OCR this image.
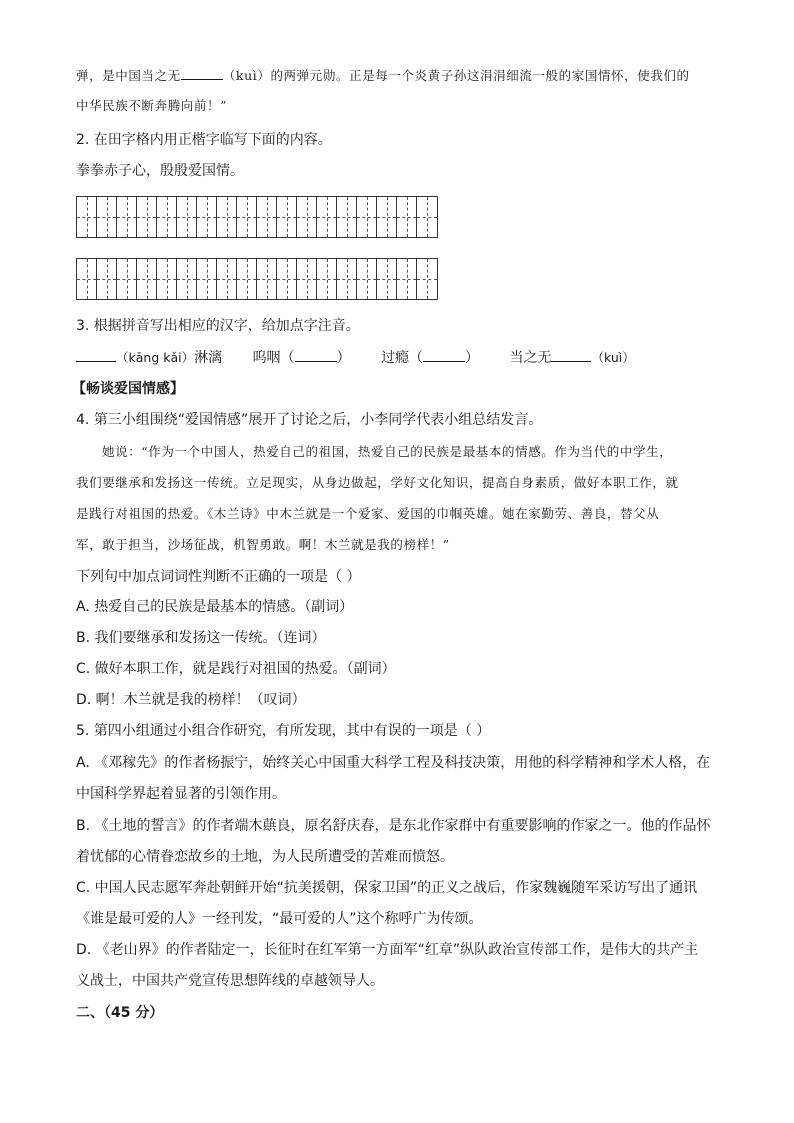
弹，是中国当之无	（kuì）的两弹元勋。正是每一个炎黄子孙这涓涓细流一般的家国情怀，使我们的
中华民族不断奔腾向前！”
2. 在田字格内用正楷字临写下面的内容。
拳拳赤子心，殷殷爱国情。
3. 根据拼音写出相应的汉字，给加点字注音。
（kāng kǎi）淋漓 呜咽（	） 过瘾（	） 当之无	（kuì）
【畅谈爱国情感】
4. 第三小组围绕“爱国情感”展开了讨论之后，小李同学代表小组总结发言。
她说：“作为一个中国人，热爱自己的祖国，热爱自己的民族是最基本的情感。作为当代的中学生，
我们要继承和发扬这一传统。立足现实，从身边做起，学好文化知识，提高自身素质，做好本职工作，就
是践行对祖国的热爱。《木兰诗》中木兰就是一个爱家、爱国的巾帼英雄。她在家勤劳、善良，替父从
军，敢于担当，沙场征战，机智勇敢。啊！木兰就是我的榜样！”
下列句中加点词词性判断不正确的一项是（ ）
A. 热爱自己的民族是最基本的情感。（副词）
B. 我们要继承和发扬这一传统。（连词）
C. 做好本职工作，就是践行对祖国的热爱。（副词）
D. 啊！木兰就是我的榜样！（叹词）
5. 第四小组通过小组合作研究，有所发现，其中有误的一项是（ ）
A. 《邓稼先》的作者杨振宁，始终关心中国重大科学工程及科技决策，用他的科学精神和学术人格，在
中国科学界起着显著的引领作用。
B. 《土地的誓言》的作者端木蕻良，原名舒庆春，是东北作家群中有重要影响的作家之一。他的作品怀
着忧郁的心情眷恋故乡的土地，为人民所遭受的苦难而愤怒。
C. 中国人民志愿军奔赴朝鲜开始“抗美援朝，保家卫国”的正义之战后，作家魏巍随军采访写出了通讯
《谁是最可爱的人》一经刊发，“最可爱的人”这个称呼广为传颂。
D. 《老山界》的作者陆定一，长征时在红军第一方面军“红章”纵队政治宣传部工作，是伟大的共产主
义战士，中国共产党宣传思想阵线的卓越领导人。
二、（45 分）
